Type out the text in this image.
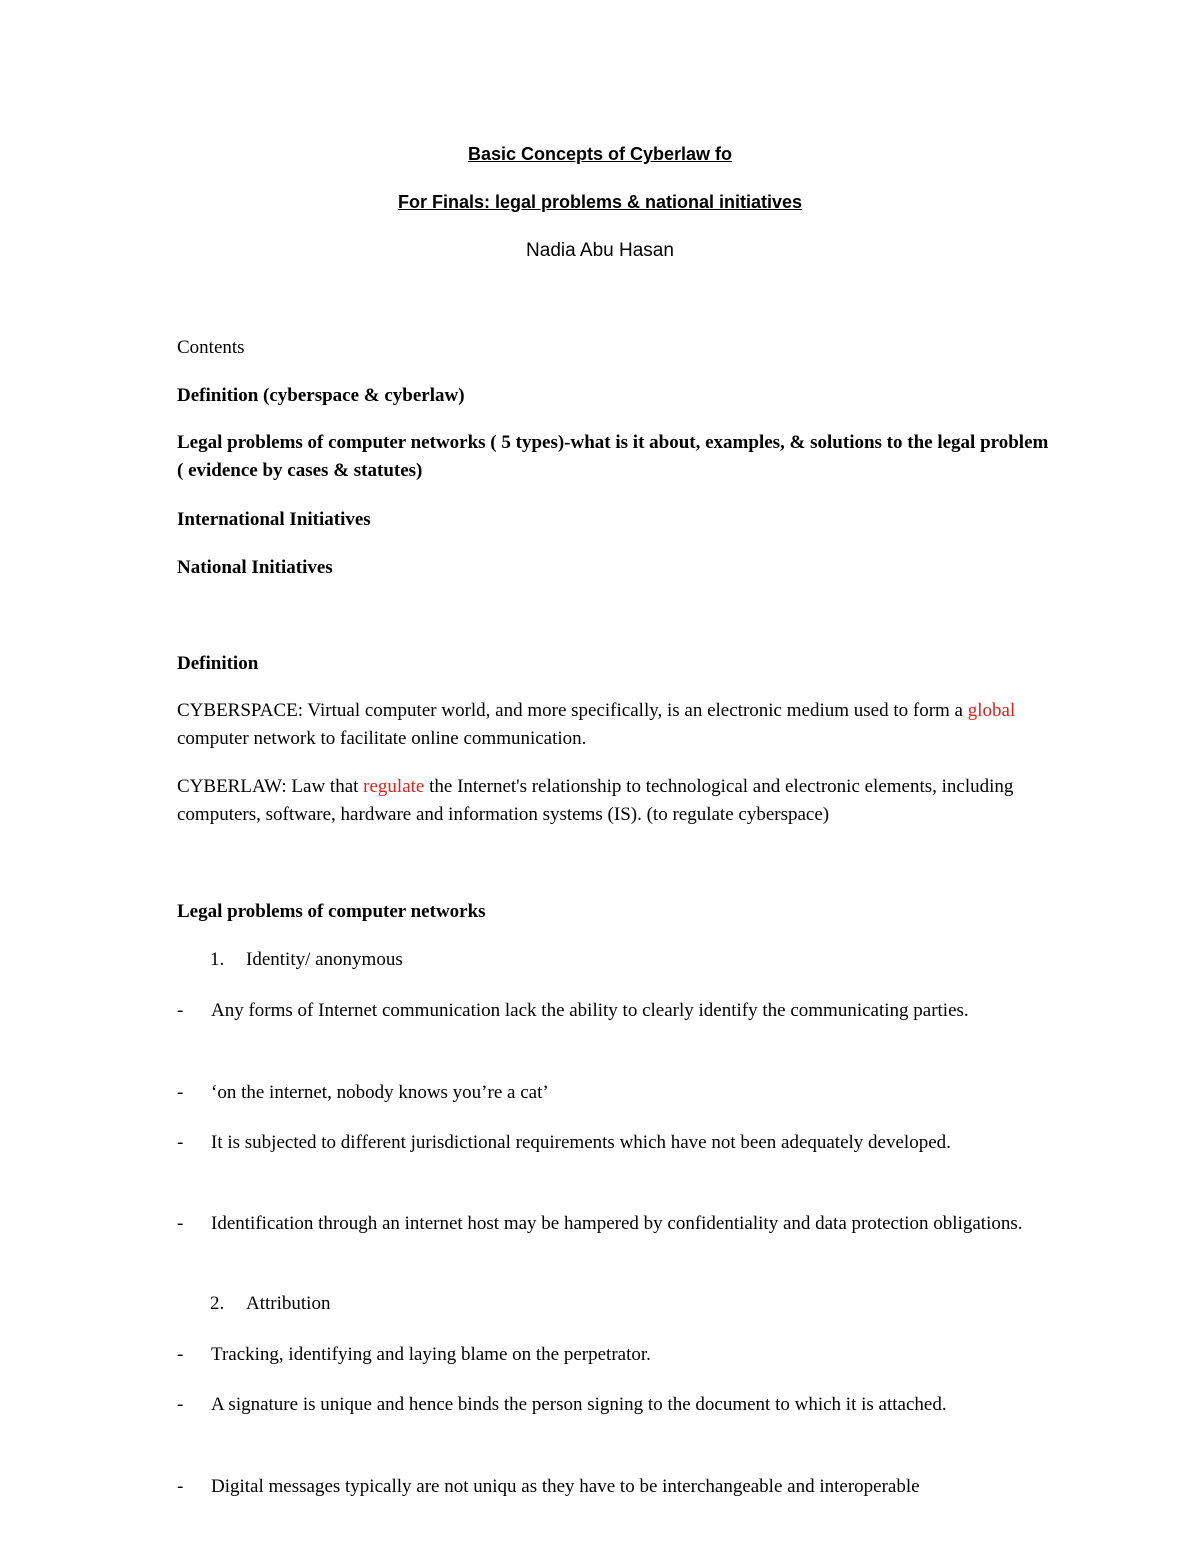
Basic Concepts of Cyberlaw fo
For Finals: legal problems & national initiatives
Nadia Abu Hasan
Contents
Definition (cyberspace & cyberlaw)
Legal problems of computer networks ( 5 types)-what is it about, examples, & solutions to the legal problem ( evidence by cases & statutes)
International Initiatives
National Initiatives
Definition
CYBERSPACE: Virtual computer world, and more specifically, is an electronic medium used to form a global computer network to facilitate online communication.
CYBERLAW: Law that regulate the Internet's relationship to technological and electronic elements, including computers, software, hardware and information systems (IS). (to regulate cyberspace)
Legal problems of computer networks
1. Identity/ anonymous
- Any forms of Internet communication lack the ability to clearly identify the communicating parties.
- ‘on the internet, nobody knows you’re a cat’
- It is subjected to different jurisdictional requirements which have not been adequately developed.
- Identification through an internet host may be hampered by confidentiality and data protection obligations.
2. Attribution
- Tracking, identifying and laying blame on the perpetrator.
- A signature is unique and hence binds the person signing to the document to which it is attached.
- Digital messages typically are not uniqu as they have to be interchangeable and interoperable
